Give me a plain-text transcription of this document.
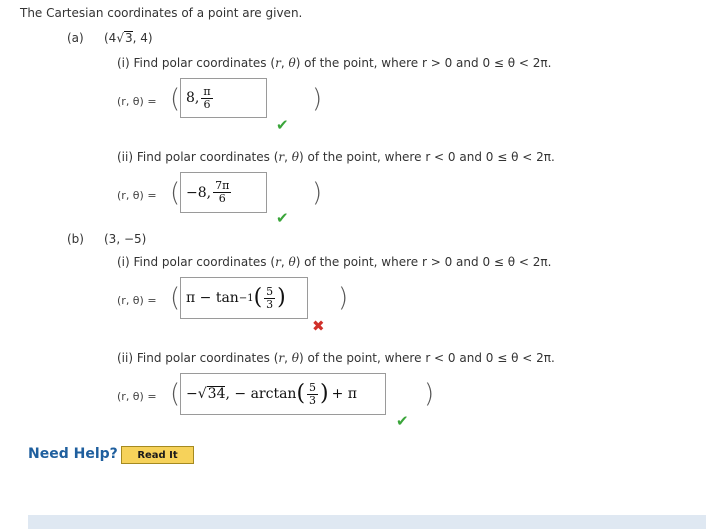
The Cartesian coordinates of a point are given.
(a) (4√3, 4)
(i) Find polar coordinates (r, θ) of the point, where r > 0 and 0 ≤ θ < 2π.
(r, θ) = ( 8, $\frac{\pi}{6}$	)
✔
(ii) Find polar coordinates (r, θ) of the point, where r < 0 and 0 ≤ θ < 2π.
(r, θ) = ( −8, $\frac{7\pi}{6}$	)
✔
(b) (3, −5)
(i) Find polar coordinates (r, θ) of the point, where r > 0 and 0 ≤ θ < 2π.
(r, θ) = ( π − tan −1 ( $\frac{5}{3}$ ) )
✖
(ii) Find polar coordinates (r, θ) of the point, where r < 0 and 0 ≤ θ < 2π.
(r, θ) = ( − √ 34 , − arctan ( $\frac{5}{3}$ ) + π	)
✔
Need Help?	Read It
